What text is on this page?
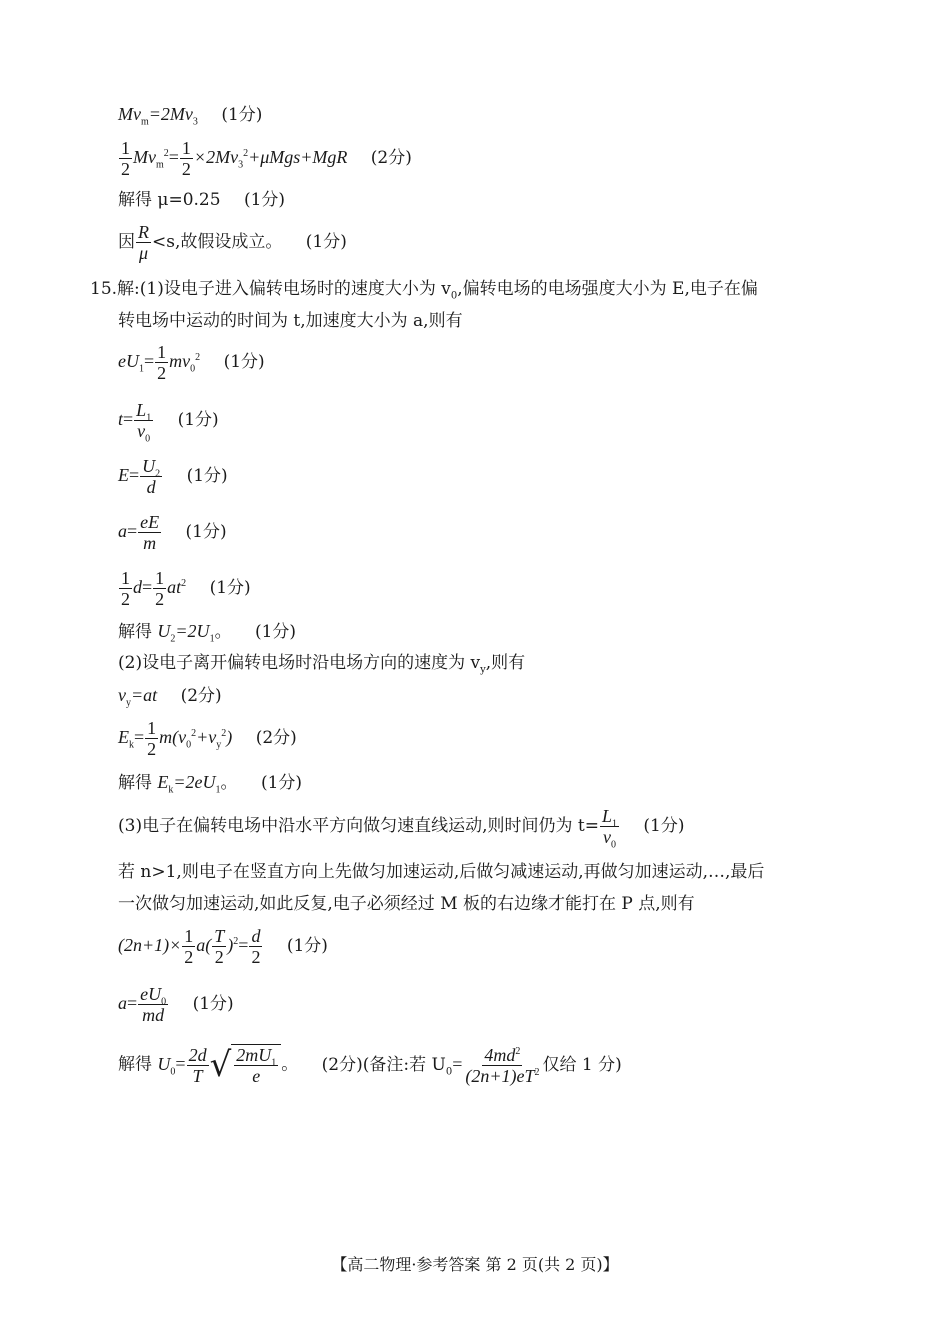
$Mv_m=2Mv_3$ (1分)
$\frac{1}{2} Mv_m^2= \frac{1}{2} \times 2Mv_3^2+\mu Mgs+MgR$ (2分)
解得 μ=0.25 (1分)
因 $\frac{R}{\mu} <s$,故假设成立。 (1分)
15.解:(1)设电子进入偏转电场时的速度大小为 $v_0$,偏转电场的电场强度大小为 E,电子在偏
转电场中运动的时间为 t,加速度大小为 a,则有
$eU_1= \frac{1}{2} mv_0^2$ (1分)
$t= \frac{L_1}{v_0} (1$分)
$E= \frac{U_2}{d} (1$分)
$a= \frac{eE}{m} (1$分)
$\frac{1}{2} d= \frac{1}{2} at^2$ (1分)
解得 $U_2=2U_1$。 (1分)
(2)设电子离开偏转电场时沿电场方向的速度为 $v_y$,则有
$v_y=at$ (2分)
$E_k= \frac{1}{2} m(v_0^2+v_y^2)$ (2分)
解得 $E_k=2eU_1$。 (1分)
(3)电子在偏转电场中沿水平方向做匀速直线运动,则时间仍为 $t= \frac{L_1}{v_0} (1$分)
若 n>1,则电子在竖直方向上先做匀加速运动,后做匀减速运动,再做匀加速运动,…,最后
一次做匀加速运动,如此反复,电子必须经过 M 板的右边缘才能打在 P 点,则有
$(2n+1)\times \frac{1}{2} a( \frac{T}{2} )^2= \frac{d}{2} (1$分)
$a= \frac{eU_0}{md} (1$分)
解得 $U_0= \frac{2d}{T}$ √ $\frac{2mU_1}{e}$ 。 (2分)(备注:若 $U_0= \frac{4md^2}{(2n+1)eT^2}$ 仅给 1 分)
【高二物理·参考答案 第 2 页(共 2 页)】
